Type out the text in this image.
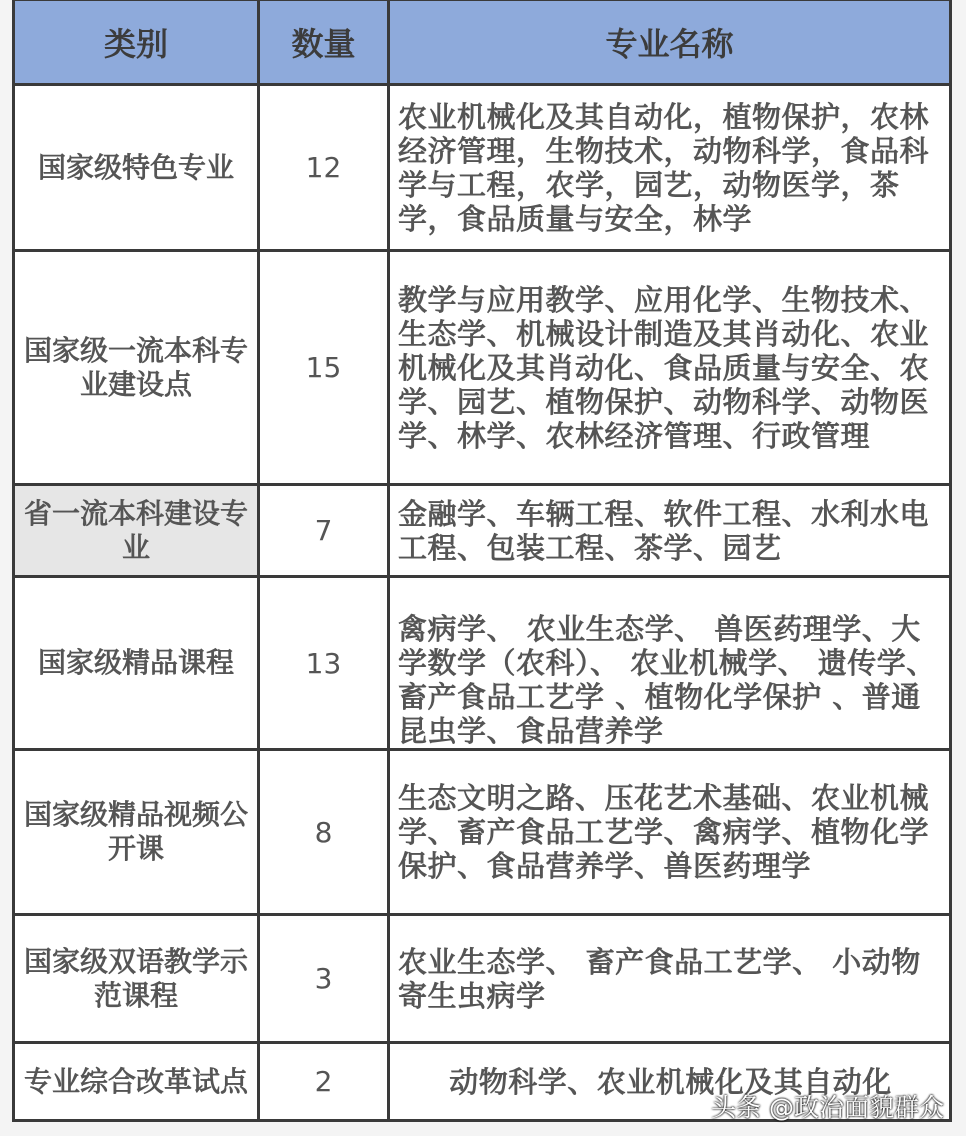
类别	数量	专业名称
国家级特色专业	12	农业机械化及其自动化，植物保护，农林经济管理，生物技术，动物科学，食品科学与工程，农学，园艺，动物医学，茶学，食品质量与安全，林学
国家级一流本科专业建设点	15	教学与应用教学、应用化学、生物技术、生态学、机械设计制造及其肖动化、农业机械化及其肖动化、食品质量与安全、农学、园艺、植物保护、动物科学、动物医学、林学、农林经济管理、行政管理
省一流本科建设专业	7	金融学、车辆工程、软件工程、水利水电工程、包装工程、茶学、园艺
国家级精品课程	13	禽病学、 农业生态学、 兽医药理学、大学数学（农科）、 农业机械学、 遗传学、畜产食品工艺学 、植物化学保护 、普通昆虫学、食品营养学
国家级精品视频公开课	8	生态文明之路、压花艺术基础、农业机械学、畜产食品工艺学、禽病学、植物化学保护、食品营养学、兽医药理学
国家级双语教学示范课程	3	农业生态学、 畜产食品工艺学、 小动物寄生虫病学
专业综合改革试点	2	动物科学、农业机械化及其自动化
头条 @政治面貌群众
